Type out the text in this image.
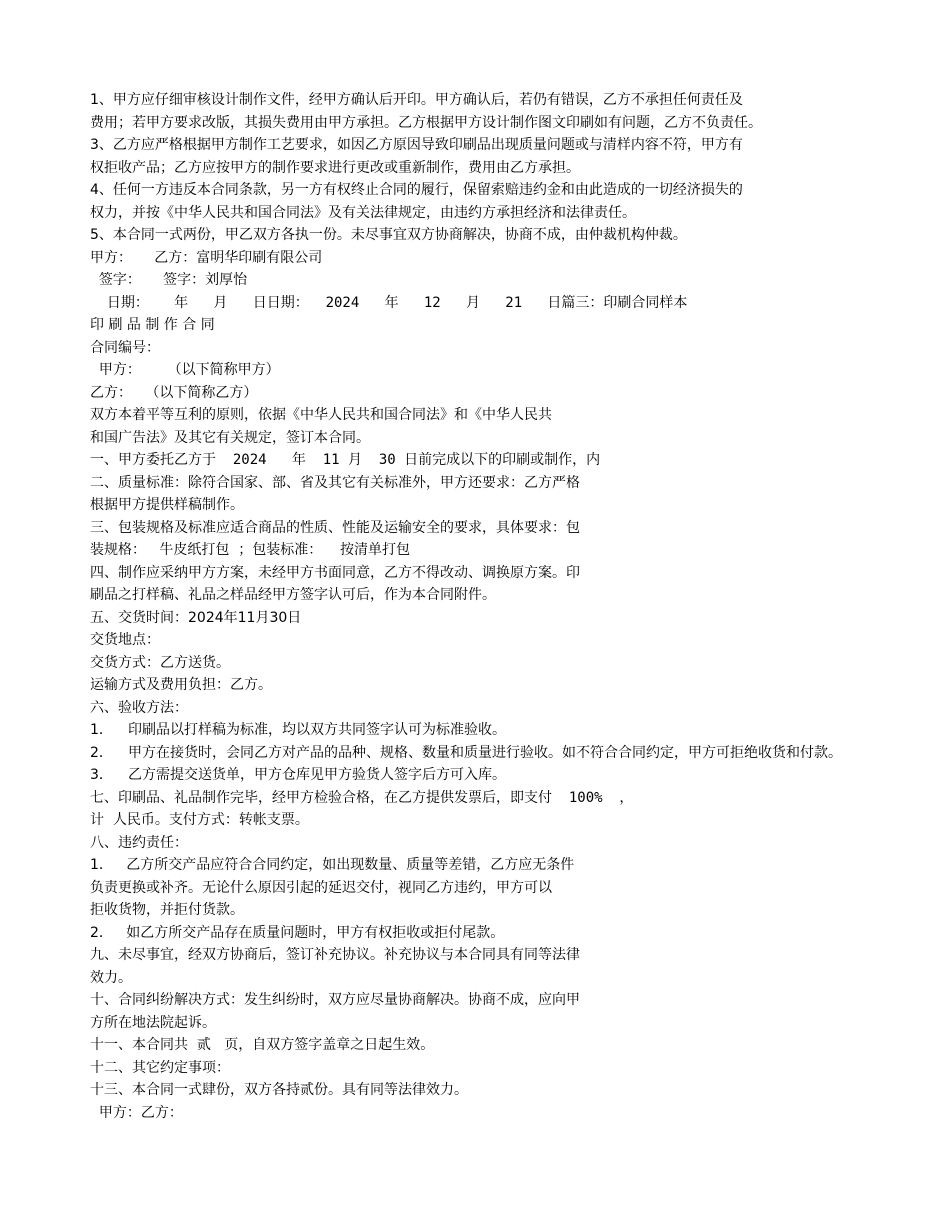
1、甲方应仔细审核设计制作文件，经甲方确认后开印。甲方确认后，若仍有错误，乙方不承担任何责任及
费用；若甲方要求改版，其损失费用由甲方承担。乙方根据甲方设计制作图文印刷如有问题，乙方不负责任。
3、乙方应严格根据甲方制作工艺要求，如因乙方原因导致印刷品出现质量问题或与清样内容不符，甲方有
权拒收产品；乙方应按甲方的制作要求进行更改或重新制作，费用由乙方承担。
4、任何一方违反本合同条款，另一方有权终止合同的履行，保留索赔违约金和由此造成的一切经济损失的
权力，并按《中华人民共和国合同法》及有关法律规定，由违约方承担经济和法律责任。
5、本合同一式两份，甲乙双方各执一份。未尽事宜双方协商解决，协商不成，由仲裁机构仲裁。
甲方：     乙方：富明华印刷有限公司
签字：     签字：刘厚怡
日期：   年   月   日日期：  2024   年   12   月   21   日篇三：印刷合同样本
印 刷 品 制 作 合 同
合同编号：
甲方：      （以下简称甲方）
乙方：   （以下简称乙方）
双方本着平等互利的原则，依据《中华人民共和国合同法》和《中华人民共
和国广告法》及其它有关规定，签订本合同。
一、甲方委托乙方于  2024   年  11 月  30 日前完成以下的印刷或制作，内
二、质量标准：除符合国家、部、省及其它有关标准外，甲方还要求：乙方严格
根据甲方提供样稿制作。
三、包装规格及标准应适合商品的性质、性能及运输安全的要求，具体要求：包
装规格：   牛皮纸打包  ；包装标准：    按清单打包
四、制作应采纳甲方方案，未经甲方书面同意，乙方不得改动、调换原方案。印
刷品之打样稿、礼品之样品经甲方签字认可后，作为本合同附件。
五、交货时间：2024年11月30日
交货地点：
交货方式：乙方送货。
运输方式及费用负担：乙方。
六、验收方法：
1．	印刷品以打样稿为标准，均以双方共同签字认可为标准验收。
2．	甲方在接货时，会同乙方对产品的品种、规格、数量和质量进行验收。如不符合合同约定，甲方可拒绝收货和付款。
3．	乙方需提交送货单，甲方仓库见甲方验货人签字后方可入库。
七、印刷品、礼品制作完毕，经甲方检验合格，在乙方提供发票后，即支付  100%  ，
计  人民币。支付方式：转帐支票。
八、违约责任：
1．   乙方所交产品应符合合同约定，如出现数量、质量等差错，乙方应无条件
负责更换或补齐。无论什么原因引起的延迟交付，视同乙方违约，甲方可以
拒收货物，并拒付货款。
2．   如乙方所交产品存在质量问题时，甲方有权拒收或拒付尾款。
九、未尽事宜，经双方协商后，签订补充协议。补充协议与本合同具有同等法律
效力。
十、合同纠纷解决方式：发生纠纷时，双方应尽量协商解决。协商不成，应向甲
方所在地法院起诉。
十一、本合同共  贰   页，自双方签字盖章之日起生效。
十二、其它约定事项：
十三、本合同一式肆份，双方各持贰份。具有同等法律效力。
甲方：乙方：
